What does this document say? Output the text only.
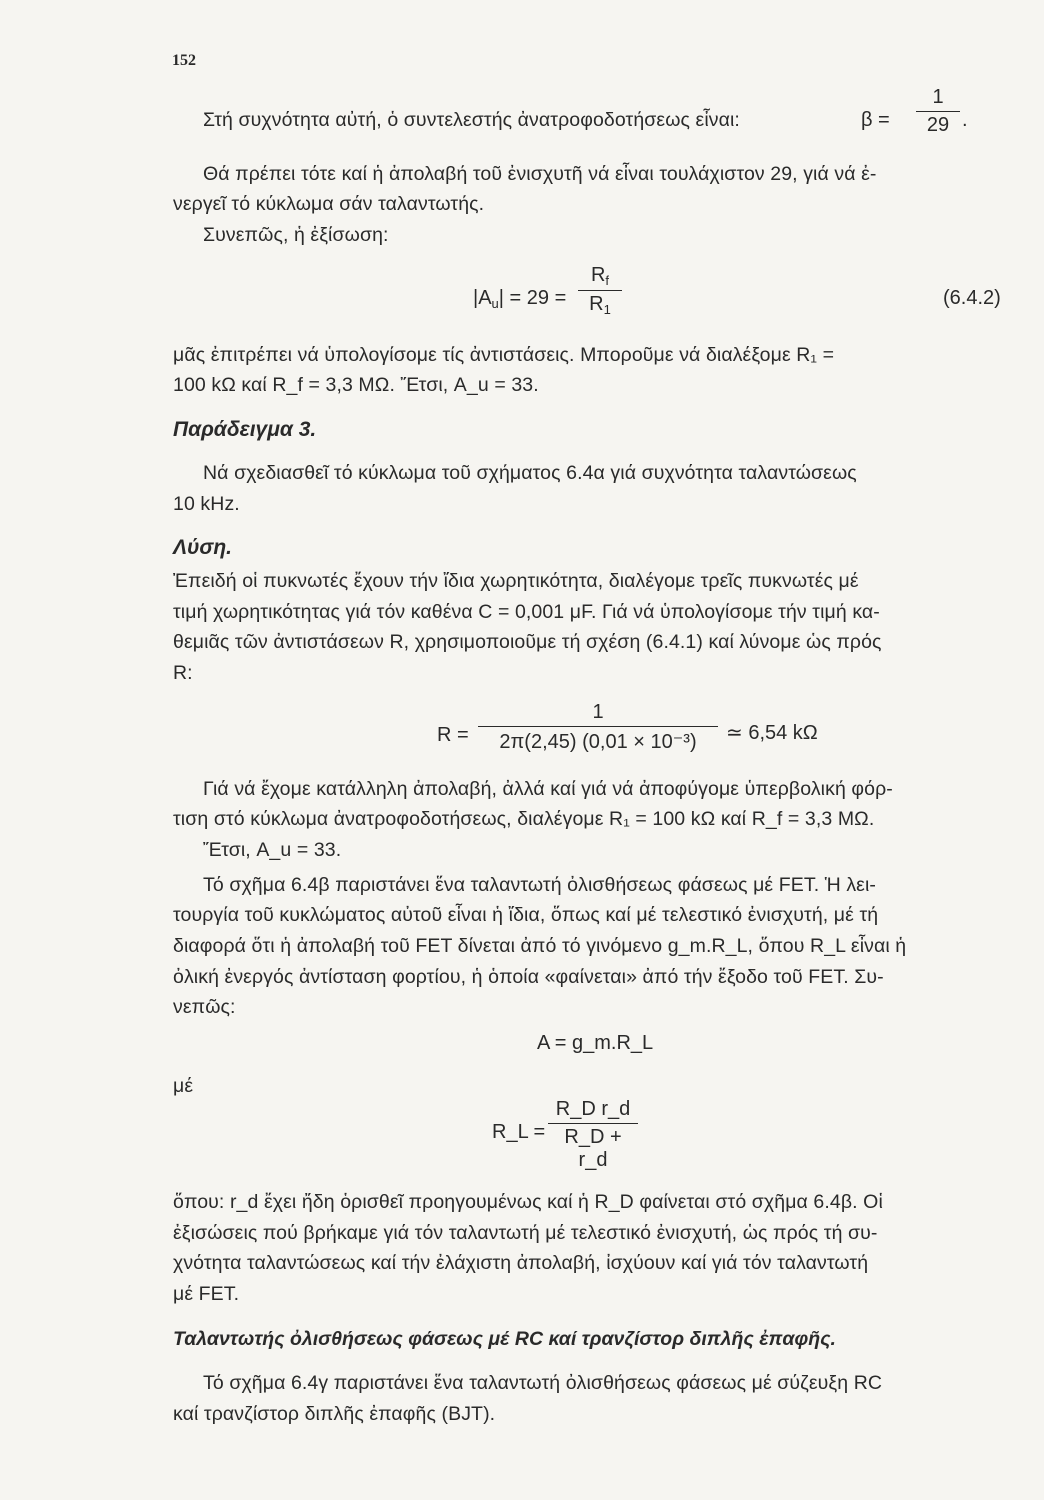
152
Στή συχνότητα αὐτή, ὁ συντελεστής ἀνατροφοδοτήσεως εἶναι:	β =
1
29 .
Θά πρέπει τότε καί ἡ ἀπολαβή τοῦ ἐνισχυτῆ νά εἶναι τουλάχιστον 29, γιά νά ἐ-
νεργεῖ τό κύκλωμα σάν ταλαντωτής.
Συνεπῶς, ἡ ἐξίσωση:
$|A_u| = 29$ =
$R_f$
$R_1$
(6.4.2)
μᾶς ἐπιτρέπει νά ὑπολογίσομε τίς ἀντιστάσεις. Μποροῦμε νά διαλέξομε R₁ =
100 kΩ καί R_f = 3,3 MΩ. Ἔτσι, A_u = 33.
Παράδειγμα 3.
Νά σχεδιασθεῖ τό κύκλωμα τοῦ σχήματος 6.4α γιά συχνότητα ταλαντώσεως
10 kHz.
Λύση.
Ἐπειδή οἱ πυκνωτές ἔχουν τήν ἴδια χωρητικότητα, διαλέγομε τρεῖς πυκνωτές μέ
τιμή χωρητικότητας γιά τόν καθένα C = 0,001 μF. Γιά νά ὑπολογίσομε τήν τιμή κα-
θεμιᾶς τῶν ἀντιστάσεων R, χρησιμοποιοῦμε τή σχέση (6.4.1) καί λύνομε ὡς πρός
R:
R =
1
2π(2,45) (0,01 × 10⁻³)	≃ 6,54 kΩ
Γιά νά ἔχομε κατάλληλη ἀπολαβή, ἀλλά καί γιά νά ἀποφύγομε ὑπερβολική φόρ-
τιση στό κύκλωμα ἀνατροφοδοτήσεως, διαλέγομε R₁ = 100 kΩ καί R_f = 3,3 MΩ.
Ἔτσι, A_u = 33.
Τό σχῆμα 6.4β παριστάνει ἕνα ταλαντωτή ὀλισθήσεως φάσεως μέ FET. Ἡ λει-
τουργία τοῦ κυκλώματος αὐτοῦ εἶναι ἡ ἴδια, ὅπως καί μέ τελεστικό ἐνισχυτή, μέ τή
διαφορά ὅτι ἡ ἀπολαβή τοῦ FET δίνεται ἀπό τό γινόμενο g_m.R_L, ὅπου R_L εἶναι ἡ
ὀλική ἐνεργός ἀντίσταση φορτίου, ἡ ὁποία «φαίνεται» ἀπό τήν ἔξοδο τοῦ FET. Συ-
νεπῶς:
A = g_m.R_L
μέ
R_L =
R_D r_d
R_D + r_d
ὅπου: r_d ἔχει ἤδη ὁρισθεῖ προηγουμένως καί ἡ R_D φαίνεται στό σχῆμα 6.4β. Οἱ
ἐξισώσεις πού βρήκαμε γιά τόν ταλαντωτή μέ τελεστικό ἐνισχυτή, ὡς πρός τή συ-
χνότητα ταλαντώσεως καί τήν ἐλάχιστη ἀπολαβή, ἰσχύουν καί γιά τόν ταλαντωτή
μέ FET.
Ταλαντωτής ὀλισθήσεως φάσεως μέ RC καί τρανζίστορ διπλῆς ἐπαφῆς.
Τό σχῆμα 6.4γ παριστάνει ἕνα ταλαντωτή ὀλισθήσεως φάσεως μέ σύζευξη RC
καί τρανζίστορ διπλῆς ἐπαφῆς (BJT).
